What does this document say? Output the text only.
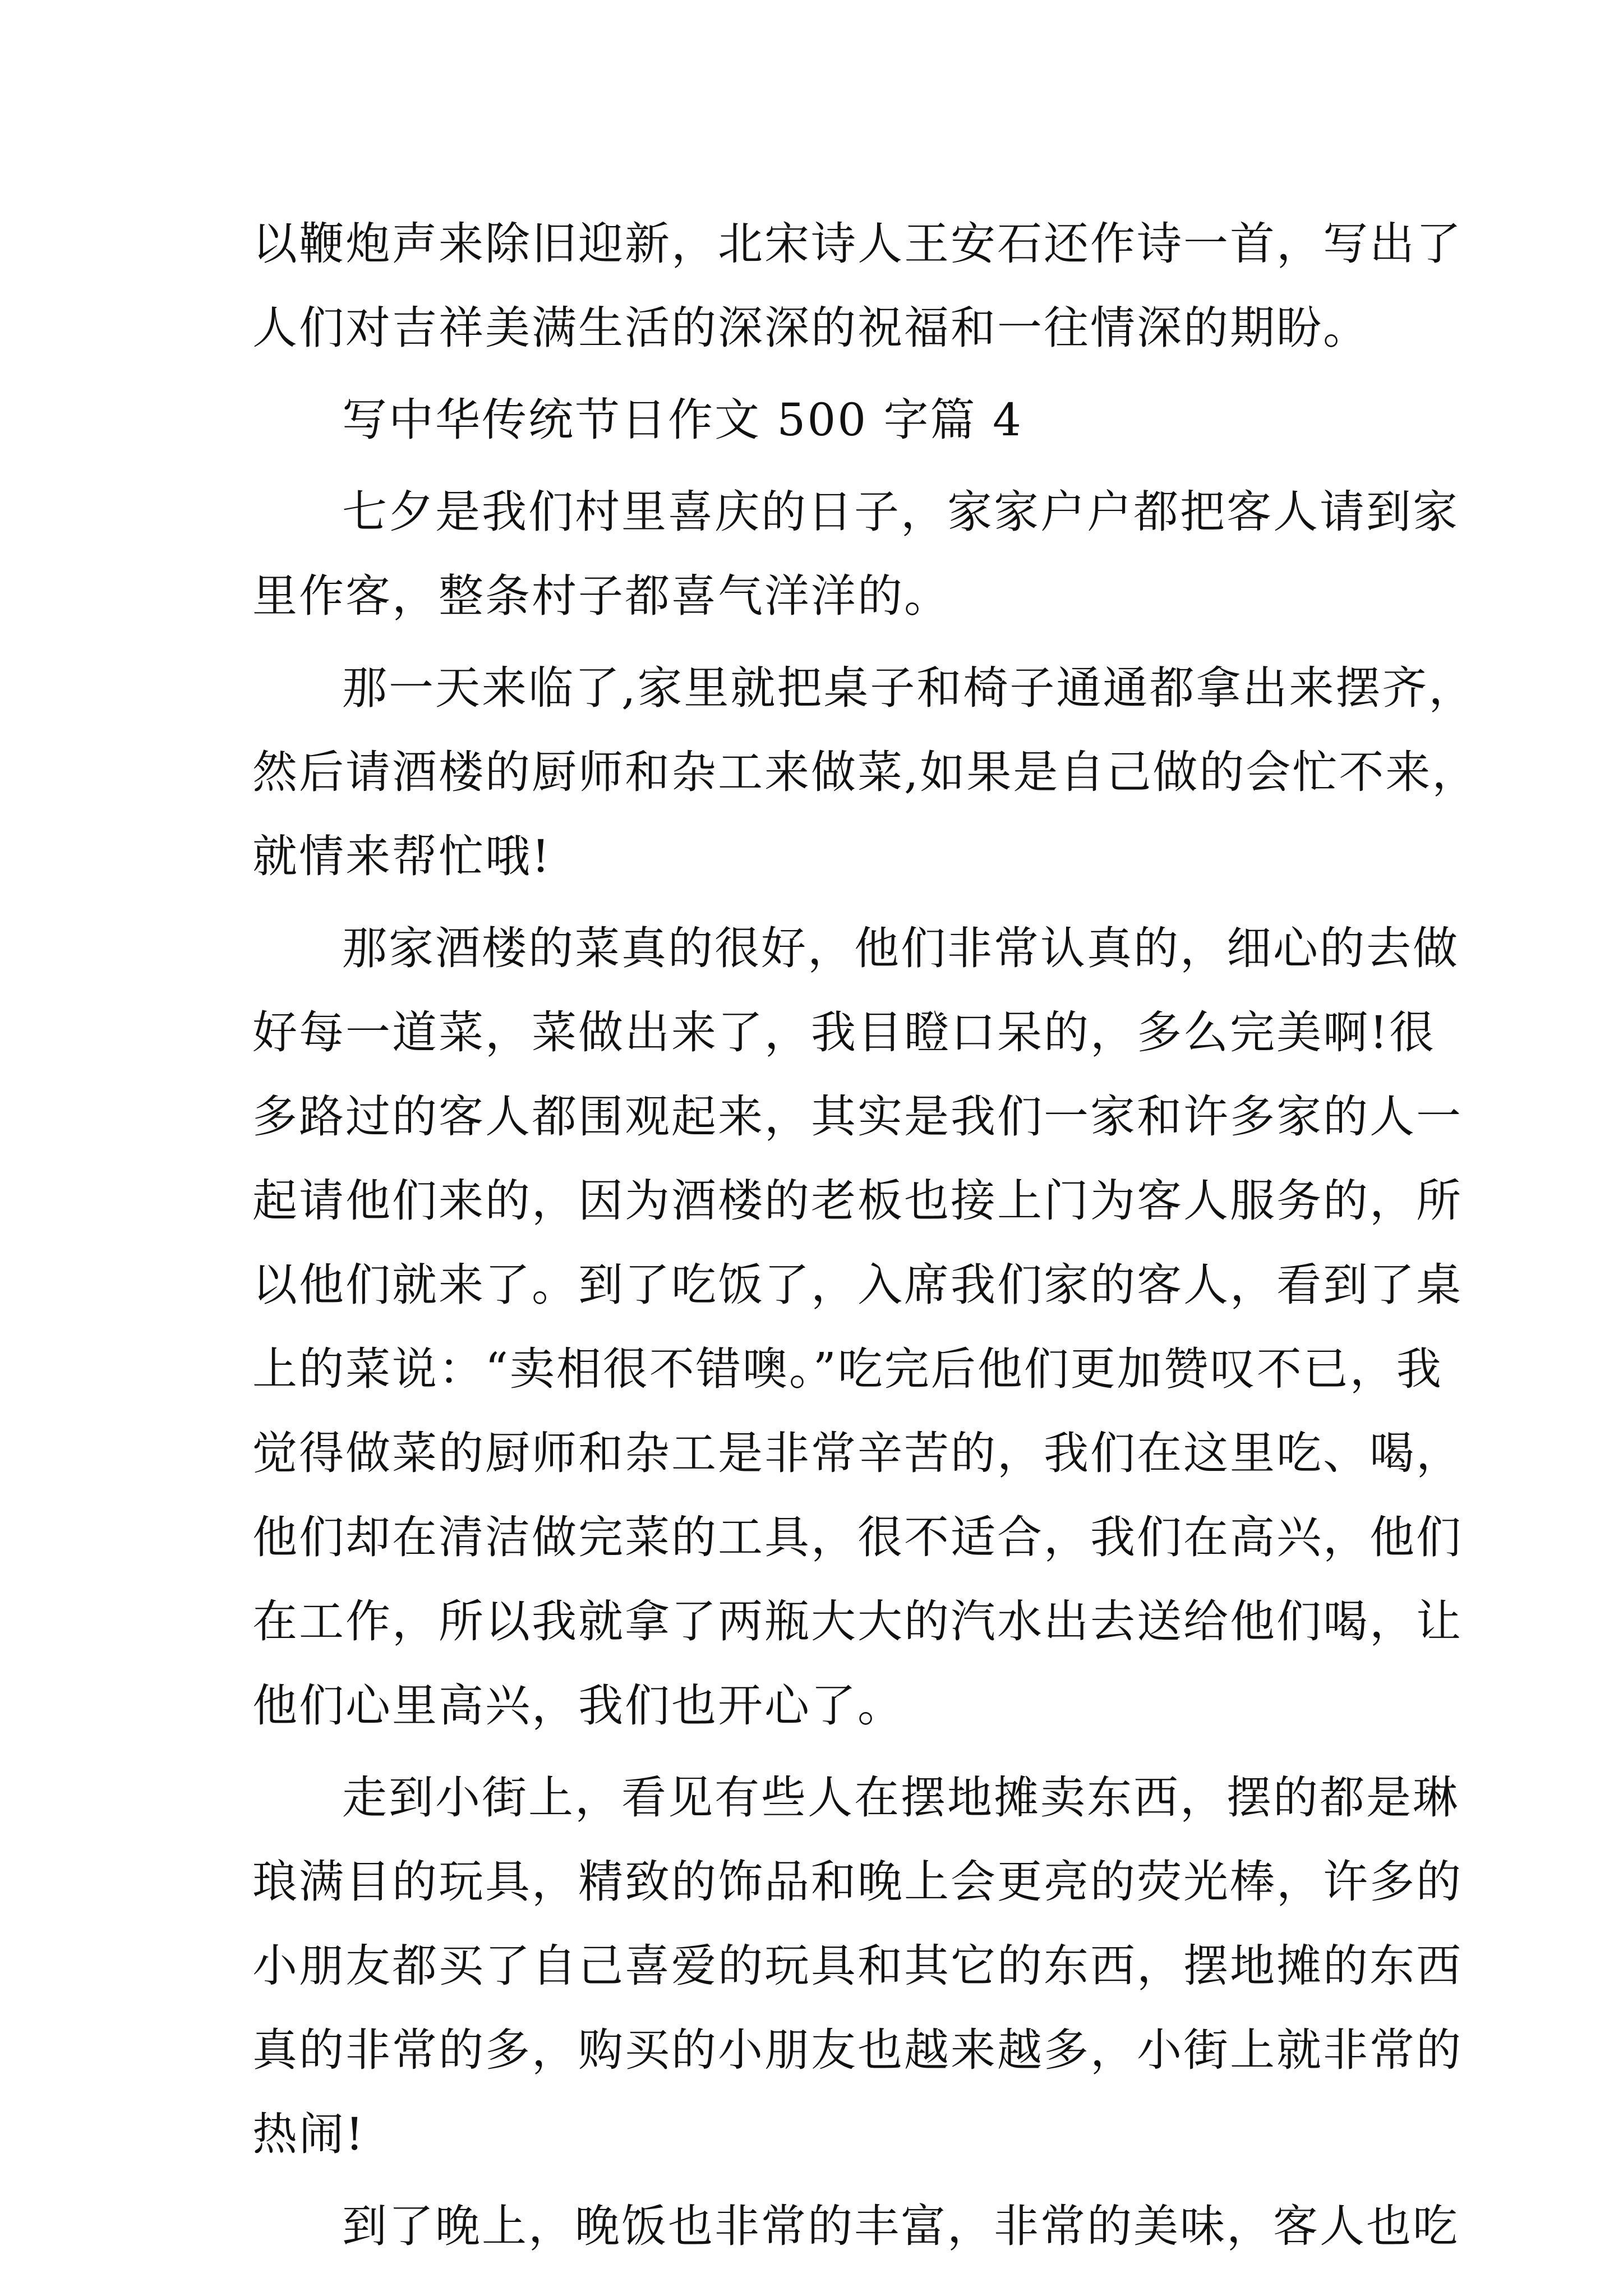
以鞭炮声来除旧迎新，北宋诗人王安石还作诗一首，写出了
人们对吉祥美满生活的深深的祝福和一往情深的期盼。
写中华传统节日作文 500 字篇 4
七夕是我们村里喜庆的日子，家家户户都把客人请到家
里作客，整条村子都喜气洋洋的。
那一天来临了,家里就把桌子和椅子通通都拿出来摆齐，
然后请酒楼的厨师和杂工来做菜,如果是自己做的会忙不来，
就情来帮忙哦!
那家酒楼的菜真的很好，他们非常认真的，细心的去做
好每一道菜，菜做出来了，我目瞪口呆的，多么完美啊!很
多路过的客人都围观起来，其实是我们一家和许多家的人一
起请他们来的，因为酒楼的老板也接上门为客人服务的，所
以他们就来了。到了吃饭了，入席我们家的客人，看到了桌
上的菜说：“卖相很不错噢。”吃完后他们更加赞叹不已，我
觉得做菜的厨师和杂工是非常辛苦的，我们在这里吃、喝，
他们却在清洁做完菜的工具，很不适合，我们在高兴，他们
在工作，所以我就拿了两瓶大大的汽水出去送给他们喝，让
他们心里高兴，我们也开心了。
走到小街上，看见有些人在摆地摊卖东西，摆的都是琳
琅满目的玩具，精致的饰品和晚上会更亮的荧光棒，许多的
小朋友都买了自己喜爱的玩具和其它的东西，摆地摊的东西
真的非常的多，购买的小朋友也越来越多，小街上就非常的
热闹!
到了晚上，晚饭也非常的丰富，非常的美味，客人也吃
